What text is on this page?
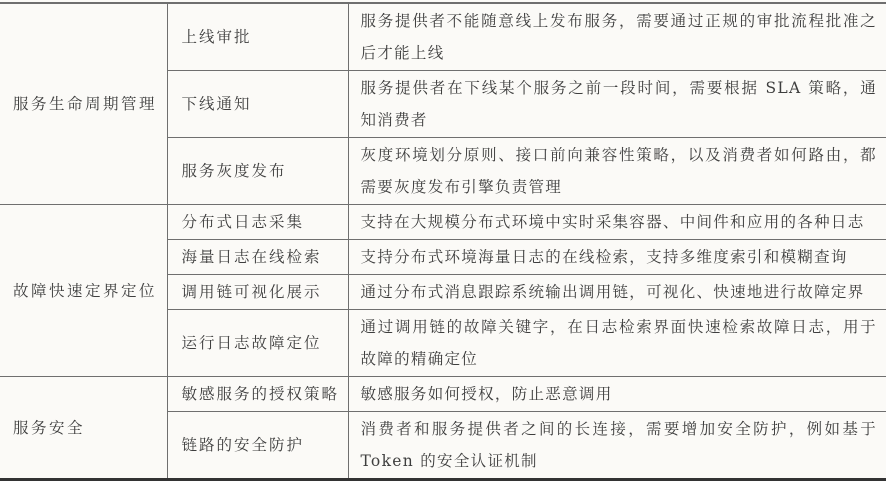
服务生命周期管理	上线审批	服务提供者不能随意线上发布服务，需要通过正规的审批流程批准之后才能上线
	下线通知	服务提供者在下线某个服务之前一段时间，需要根据 SLA 策略，通知消费者
	服务灰度发布	灰度环境划分原则、接口前向兼容性策略，以及消费者如何路由，都需要灰度发布引擎负责管理
故障快速定界定位	分布式日志采集	支持在大规模分布式环境中实时采集容器、中间件和应用的各种日志
	海量日志在线检索	支持分布式环境海量日志的在线检索，支持多维度索引和模糊查询
	调用链可视化展示	通过分布式消息跟踪系统输出调用链，可视化、快速地进行故障定界
	运行日志故障定位	通过调用链的故障关键字，在日志检索界面快速检索故障日志，用于故障的精确定位
服务安全	敏感服务的授权策略	敏感服务如何授权，防止恶意调用
	链路的安全防护	消费者和服务提供者之间的长连接，需要增加安全防护，例如基于 Token 的安全认证机制
